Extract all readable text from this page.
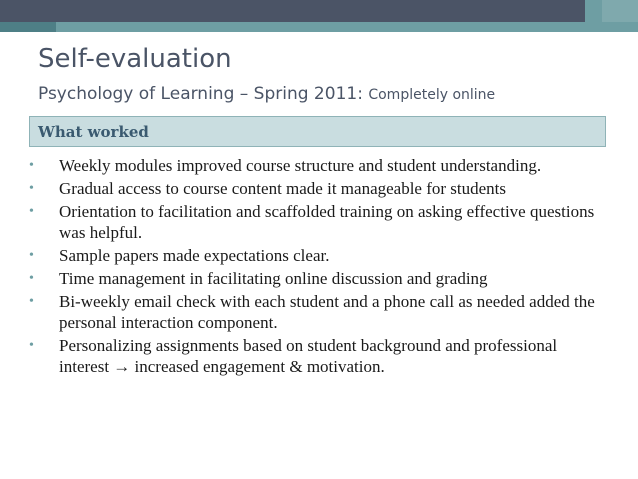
Self-evaluation
Psychology of Learning – Spring 2011: Completely online
What worked
•	Weekly modules improved course structure and student understanding.
•	Gradual access to course content made it manageable for students
•	Orientation to facilitation and scaffolded training on asking effective questions was helpful.
•	Sample papers made expectations clear.
•	Time management in facilitating online discussion and grading
•	Bi-weekly email check with each student and a phone call as needed added the personal interaction component.
•	Personalizing assignments based on student background and professional interest → increased engagement & motivation.
